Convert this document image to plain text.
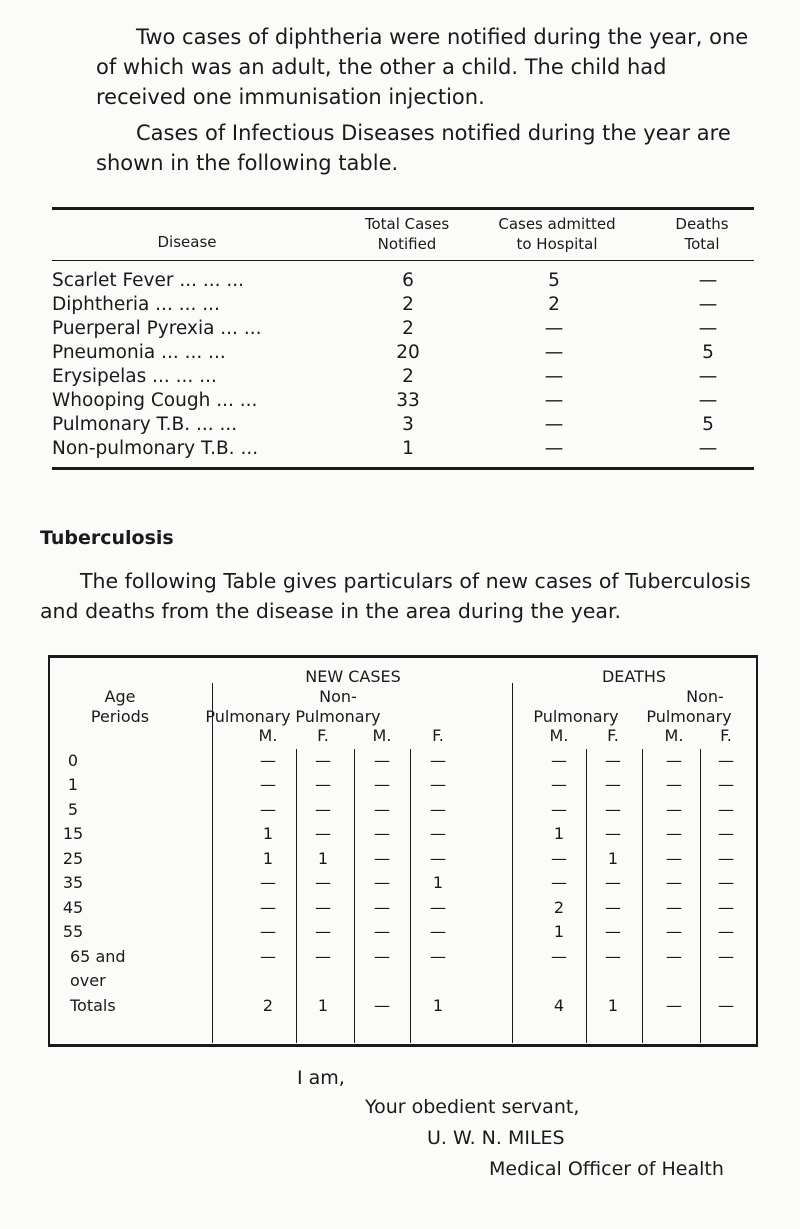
Two cases of diphtheria were notified during the year, one of which was an adult, the other a child. The child had received one immunisation injection.

Cases of Infectious Diseases notified during the year are shown in the following table.

Disease
Total Cases
Notified
Cases admitted
to Hospital
Deaths
Total
Scarlet Fever ... ... ...	6	5	—
Diphtheria ... ... ...	2	2	—
Puerperal Pyrexia ... ...	2	—	—
Pneumonia ... ... ...	20	—	5
Erysipelas ... ... ...	2	—	—
Whooping Cough ... ...	33	—	—
Pulmonary T.B. ... ...	3	—	5
Non-pulmonary T.B. ...	1	—	—
Tuberculosis

The following Table gives particulars of new cases of Tuberculosis and deaths from the disease in the area during the year.

Age
Periods
NEW CASES	DEATHS
Non-	Non-
Pulmonary Pulmonary	Pulmonary	Pulmonary
M.	F.	M.	F.	M.	F.	M.	F.
0	—	—	—	—	—	—	—	—
1	—	—	—	—	—	—	—	—
5	—	—	—	—	—	—	—	—
15	1	—	—	—	1	—	—	—
25	1	1	—	—	—	1	—	—
35	—	—	—	1	—	—	—	—
45	—	—	—	—	2	—	—	—
55	—	—	—	—	1	—	—	—
65 and	—	—	—	—	—	—	—	—
over
Totals	2	1	—	1	4	1	—	—

I am,

Your obedient servant,

U. W. N. MILES

Medical Officer of Health
